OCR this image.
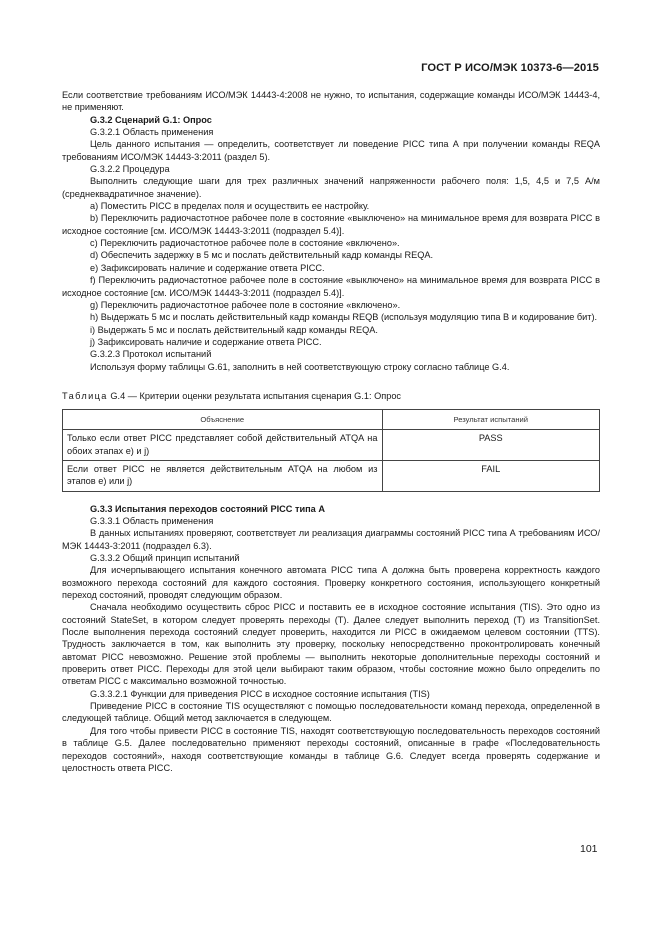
ГОСТ Р ИСО/МЭК 10373-6—2015

Если соответствие требованиям ИСО/МЭК 14443-4:2008 не нужно, то испытания, содержащие команды ИСО/МЭК 14443-4, не применяют.

G.3.2 Сценарий G.1: Опрос

G.3.2.1 Область применения

Цель данного испытания — определить, соответствует ли поведение PICC типа А при получении команды REQA требованиям ИСО/МЭК 14443-3:2011 (раздел 5).

G.3.2.2 Процедура

Выполнить следующие шаги для трех различных значений напряженности рабочего поля: 1,5, 4,5 и 7,5 А/м (среднеквадратичное значение).

а) Поместить PICC в пределах поля и осуществить ее настройку.

b) Переключить радиочастотное рабочее поле в состояние «выключено» на минимальное время для возврата PICC в исходное состояние [см. ИСО/МЭК 14443-3:2011 (подраздел 5.4)].

с) Переключить радиочастотное рабочее поле в состояние «включено».

d) Обеспечить задержку в 5 мс и послать действительный кадр команды REQA.

е) Зафиксировать наличие и содержание ответа PICC.

f) Переключить радиочастотное рабочее поле в состояние «выключено» на минимальное время для возврата PICC в исходное состояние [см. ИСО/МЭК 14443-3:2011 (подраздел 5.4)].

g) Переключить радиочастотное рабочее поле в состояние «включено».

h) Выдержать 5 мс и послать действительный кадр команды REQB (используя модуляцию типа В и кодирование бит).

i) Выдержать 5 мс и послать действительный кадр команды REQA.

j) Зафиксировать наличие и содержание ответа PICC.

G.3.2.3 Протокол испытаний

Используя форму таблицы G.61, заполнить в ней соответствующую строку согласно таблице G.4.

Таблица G.4 — Критерии оценки результата испытания сценария G.1: Опрос

Объяснение	Результат испытаний
Только если ответ PICC представляет собой действительный ATQA на обоих этапах е) и j)	PASS
Если ответ PICC не является действительным ATQA на любом из этапов е) или j)	FAIL

G.3.3 Испытания переходов состояний PICC типа А

G.3.3.1 Область применения

В данных испытаниях проверяют, соответствует ли реализация диаграммы состояний PICC типа А требованиям ИСО/МЭК 14443-3:2011 (подраздел 6.3).

G.3.3.2 Общий принцип испытаний

Для исчерпывающего испытания конечного автомата PICC типа А должна быть проверена корректность каждого возможного перехода состояний для каждого состояния. Проверку конкретного состояния, использующего конкретный переход состояний, проводят следующим образом.

Сначала необходимо осуществить сброс PICC и поставить ее в исходное состояние испытания (TIS). Это одно из состояний StateSet, в котором следует проверять переходы (Т). Далее следует выполнить переход (Т) из TransitionSet. После выполнения перехода состояний следует проверить, находится ли PICC в ожидаемом целевом состоянии (TTS). Трудность заключается в том, как выполнить эту проверку, поскольку непосредственно проконтролировать конечный автомат PICC невозможно. Решение этой проблемы — выполнить некоторые дополнительные переходы состояний и проверить ответ PICC. Переходы для этой цели выбирают таким образом, чтобы состояние можно было определить по ответам PICC с максимально возможной точностью.

G.3.3.2.1 Функции для приведения PICC в исходное состояние испытания (TIS)

Приведение PICC в состояние TIS осуществляют с помощью последовательности команд перехода, определенной в следующей таблице. Общий метод заключается в следующем.

Для того чтобы привести PICC в состояние TIS, находят соответствующую последовательность переходов состояний в таблице G.5. Далее последовательно применяют переходы состояний, описанные в графе «Последовательность переходов состояний», находя соответствующие команды в таблице G.6. Следует всегда проверять содержание и целостность ответа PICC.

101
